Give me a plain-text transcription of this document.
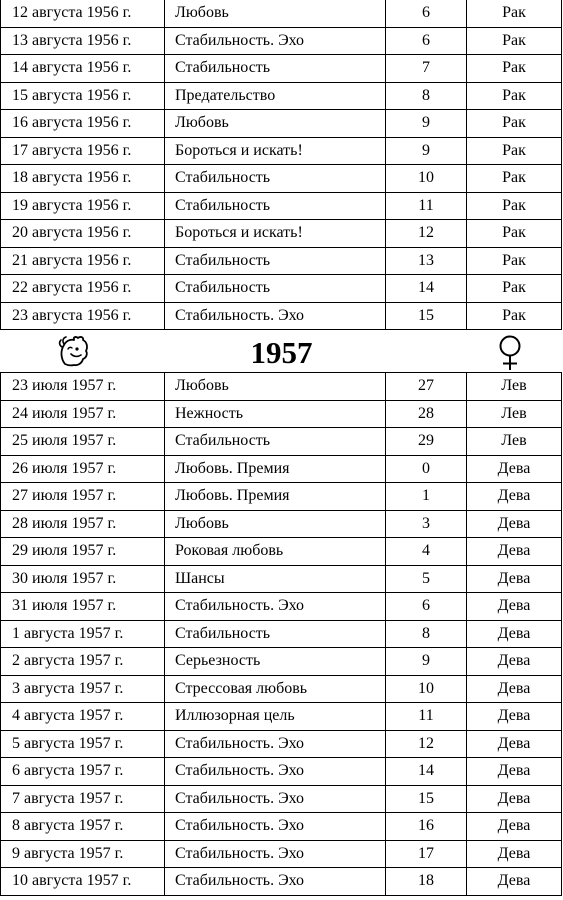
12 августа 1956 г.	Любовь	6	Рак
13 августа 1956 г.	Стабильность. Эхо	6	Рак
14 августа 1956 г.	Стабильность	7	Рак
15 августа 1956 г.	Предательство	8	Рак
16 августа 1956 г.	Любовь	9	Рак
17 августа 1956 г.	Бороться и искать!	9	Рак
18 августа 1956 г.	Стабильность	10	Рак
19 августа 1956 г.	Стабильность	11	Рак
20 августа 1956 г.	Бороться и искать!	12	Рак
21 августа 1956 г.	Стабильность	13	Рак
22 августа 1956 г.	Стабильность	14	Рак
23 августа 1956 г.	Стабильность. Эхо	15	Рак
1957
23 июля 1957 г.	Любовь	27	Лев
24 июля 1957 г.	Нежность	28	Лев
25 июля 1957 г.	Стабильность	29	Лев
26 июля 1957 г.	Любовь. Премия	0	Дева
27 июля 1957 г.	Любовь. Премия	1	Дева
28 июля 1957 г.	Любовь	3	Дева
29 июля 1957 г.	Роковая любовь	4	Дева
30 июля 1957 г.	Шансы	5	Дева
31 июля 1957 г.	Стабильность. Эхо	6	Дева
1 августа 1957 г.	Стабильность	8	Дева
2 августа 1957 г.	Серьезность	9	Дева
3 августа 1957 г.	Стрессовая любовь	10	Дева
4 августа 1957 г.	Иллюзорная цель	11	Дева
5 августа 1957 г.	Стабильность. Эхо	12	Дева
6 августа 1957 г.	Стабильность. Эхо	14	Дева
7 августа 1957 г.	Стабильность. Эхо	15	Дева
8 августа 1957 г.	Стабильность. Эхо	16	Дева
9 августа 1957 г.	Стабильность. Эхо	17	Дева
10 августа 1957 г.	Стабильность. Эхо	18	Дева
